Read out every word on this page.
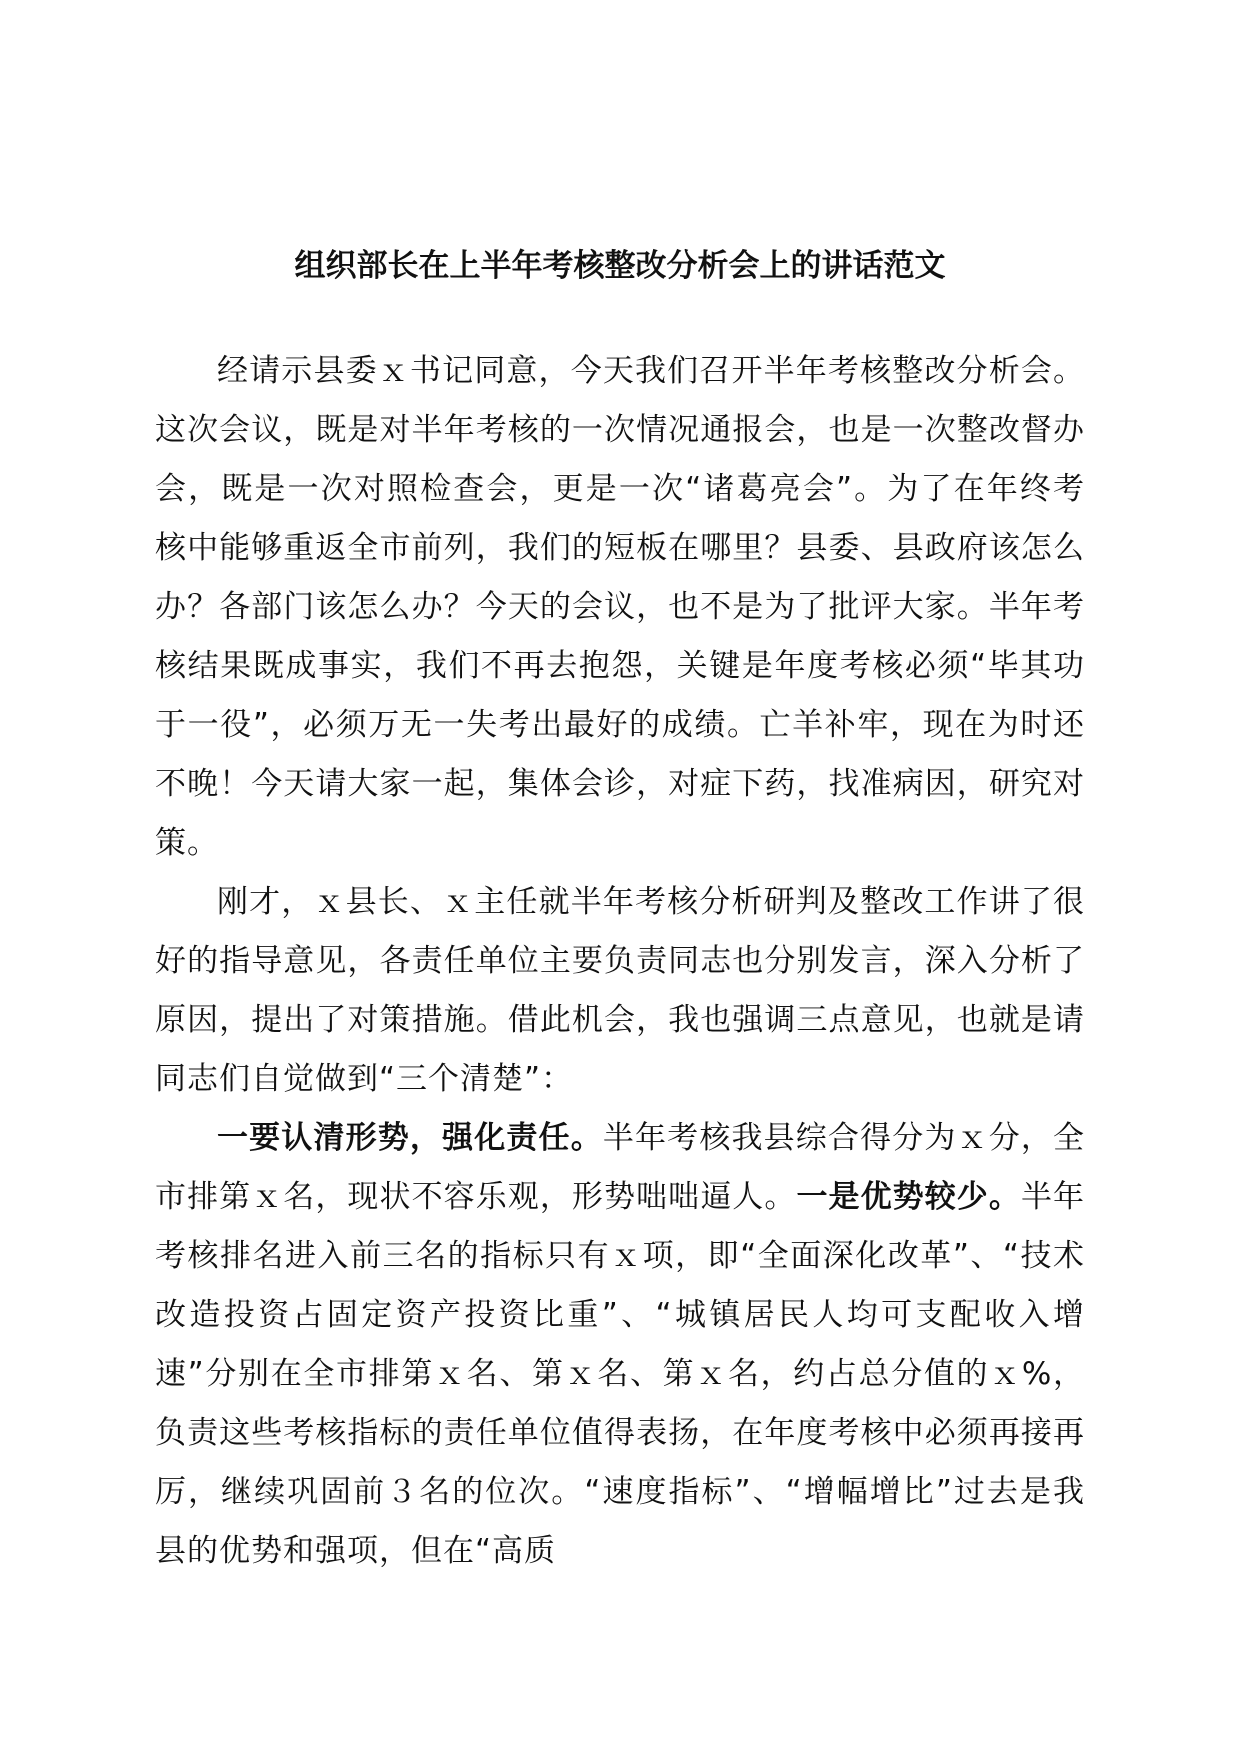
组织部长在上半年考核整改分析会上的讲话范文

经请示县委ｘ书记同意，今天我们召开半年考核整改分析会。这次会议，既是对半年考核的一次情况通报会，也是一次整改督办会，既是一次对照检查会，更是一次“诸葛亮会”。为了在年终考核中能够重返全市前列，我们的短板在哪里？县委、县政府该怎么办？各部门该怎么办？今天的会议，也不是为了批评大家。半年考核结果既成事实，我们不再去抱怨，关键是年度考核必须“毕其功于一役”，必须万无一失考出最好的成绩。亡羊补牢，现在为时还不晚！今天请大家一起，集体会诊，对症下药，找准病因，研究对策。

刚才，ｘ县长、ｘ主任就半年考核分析研判及整改工作讲了很好的指导意见，各责任单位主要负责同志也分别发言，深入分析了原因，提出了对策措施。借此机会，我也强调三点意见，也就是请同志们自觉做到“三个清楚”：

一要认清形势，强化责任。半年考核我县综合得分为ｘ分，全市排第ｘ名，现状不容乐观，形势咄咄逼人。一是优势较少。半年考核排名进入前三名的指标只有ｘ项，即“全面深化改革”、“技术改造投资占固定资产投资比重”、“城镇居民人均可支配收入增速”分别在全市排第ｘ名、第ｘ名、第ｘ名，约占总分值的ｘ%，负责这些考核指标的责任单位值得表扬，在年度考核中必须再接再厉，继续巩固前３名的位次。“速度指标”、“增幅增比”过去是我县的优势和强项，但在“高质
